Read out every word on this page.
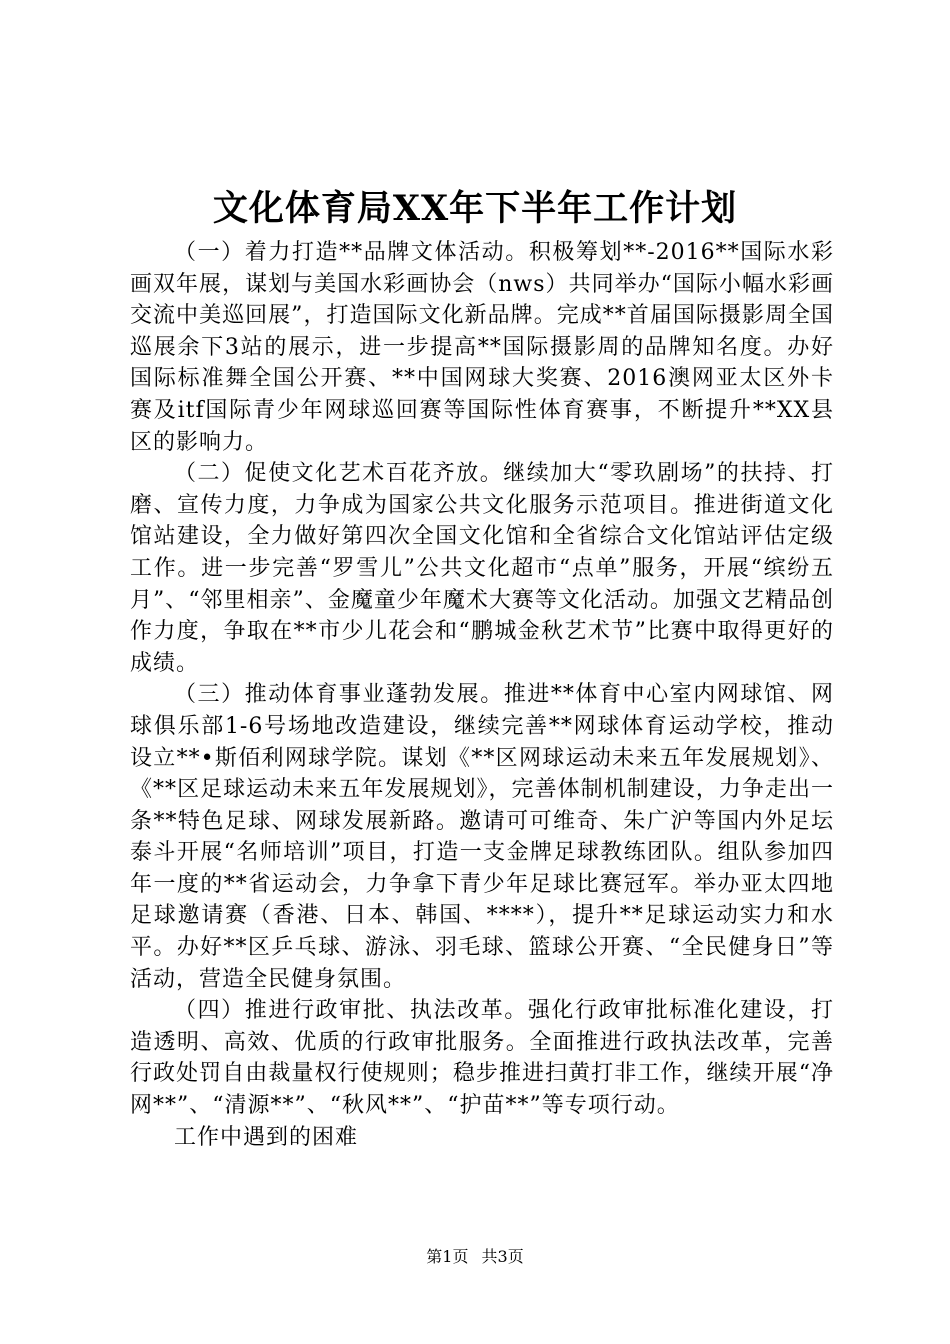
文化体育局XX年下半年工作计划

（一）着力打造**品牌文体活动。积极筹划**-2016**国际水彩画双年展，谋划与美国水彩画协会（nws）共同举办“国际小幅水彩画交流中美巡回展”，打造国际文化新品牌。完成**首届国际摄影周全国巡展余下3站的展示，进一步提高**国际摄影周的品牌知名度。办好国际标准舞全国公开赛、**中国网球大奖赛、2016澳网亚太区外卡赛及itf国际青少年网球巡回赛等国际性体育赛事，不断提升**XX县区的影响力。

（二）促使文化艺术百花齐放。继续加大“零玖剧场”的扶持、打磨、宣传力度，力争成为国家公共文化服务示范项目。推进街道文化馆站建设，全力做好第四次全国文化馆和全省综合文化馆站评估定级工作。进一步完善“罗雪儿”公共文化超市“点单”服务，开展“缤纷五月”、“邻里相亲”、金魔童少年魔术大赛等文化活动。加强文艺精品创作力度，争取在**市少儿花会和“鹏城金秋艺术节”比赛中取得更好的成绩。

（三）推动体育事业蓬勃发展。推进**体育中心室内网球馆、网球俱乐部1-6号场地改造建设，继续完善**网球体育运动学校，推动设立**•斯佰利网球学院。谋划《**区网球运动未来五年发展规划》、《**区足球运动未来五年发展规划》，完善体制机制建设，力争走出一条**特色足球、网球发展新路。邀请可可维奇、朱广沪等国内外足坛泰斗开展“名师培训”项目，打造一支金牌足球教练团队。组队参加四年一度的**省运动会，力争拿下青少年足球比赛冠军。举办亚太四地足球邀请赛（香港、日本、韩国、****），提升**足球运动实力和水平。办好**区乒乓球、游泳、羽毛球、篮球公开赛、“全民健身日”等活动，营造全民健身氛围。

（四）推进行政审批、执法改革。强化行政审批标准化建设，打造透明、高效、优质的行政审批服务。全面推进行政执法改革，完善行政处罚自由裁量权行使规则；稳步推进扫黄打非工作，继续开展“净网**”、“清源**”、“秋风**”、“护苗**”等专项行动。

工作中遇到的困难

第1页 共3页
